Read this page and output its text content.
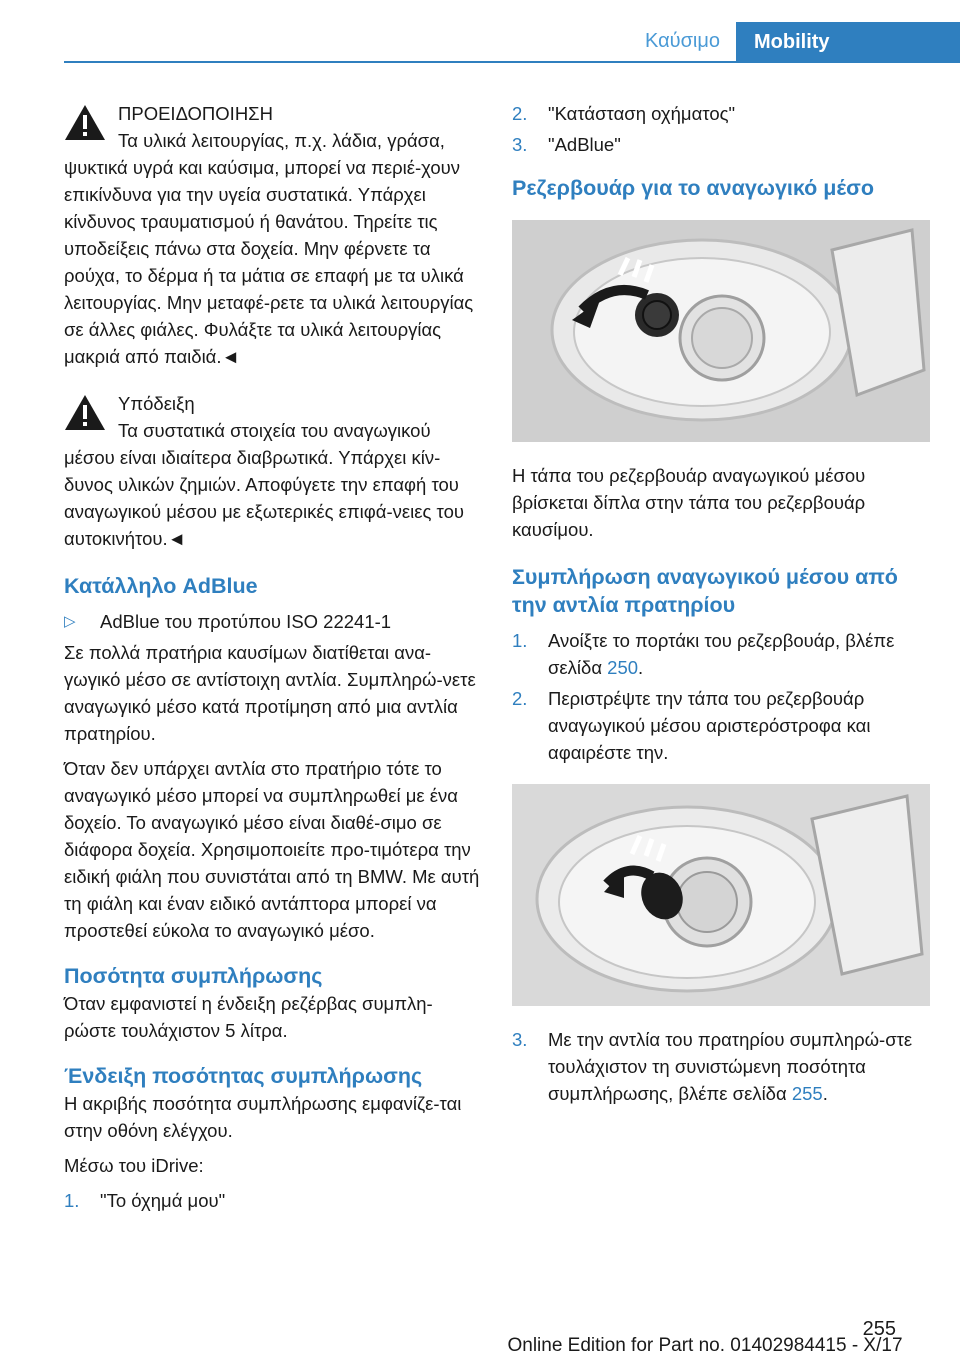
Καύσιμο	Mobility
ΠΡΟΕΙΔΟΠΟΙΗΣΗ
Τα υλικά λειτουργίας, π.χ. λάδια, γράσα,
ψυκτικά υγρά και καύσιμα, μπορεί να περιέ-χουν επικίνδυνα για την υγεία συστατικά. Υπάρχει κίνδυνος τραυματισμού ή θανάτου. Τηρείτε τις υποδείξεις πάνω στα δοχεία. Μην φέρνετε τα ρούχα, το δέρμα ή τα μάτια σε επαφή με τα υλικά λειτουργίας. Μην μεταφέ-ρετε τα υλικά λειτουργίας σε άλλες φιάλες. Φυλάξτε τα υλικά λειτουργίας μακριά από παιδιά.◄
Υπόδειξη
Τα συστατικά στοιχεία του αναγωγικού
μέσου είναι ιδιαίτερα διαβρωτικά. Υπάρχει κίν-δυνος υλικών ζημιών. Αποφύγετε την επαφή του αναγωγικού μέσου με εξωτερικές επιφά-νειες του αυτοκινήτου.◄
Κατάλληλο AdBlue
▷ AdBlue του προτύπου ISO 22241-1
Σε πολλά πρατήρια καυσίμων διατίθεται ανα-γωγικό μέσο σε αντίστοιχη αντλία. Συμπληρώ-νετε αναγωγικό μέσο κατά προτίμηση από μια αντλία πρατηρίου.
Όταν δεν υπάρχει αντλία στο πρατήριο τότε το αναγωγικό μέσο μπορεί να συμπληρωθεί με ένα δοχείο. Το αναγωγικό μέσο είναι διαθέ-σιμο σε διάφορα δοχεία. Χρησιμοποιείτε προ-τιμότερα την ειδική φιάλη που συνιστάται από τη BMW. Με αυτή τη φιάλη και έναν ειδικό αντάπτορα μπορεί να προστεθεί εύκολα το αναγωγικό μέσο.
Ποσότητα συμπλήρωσης
Όταν εμφανιστεί η ένδειξη ρεζέρβας συμπλη-ρώστε τουλάχιστον 5 λίτρα.
Ένδειξη ποσότητας συμπλήρωσης
Η ακριβής ποσότητα συμπλήρωσης εμφανίζε-ται στην οθόνη ελέγχου.
Μέσω του iDrive:
1. "Το όχημά μου"
2. "Κατάσταση οχήματος"
3. "AdBlue"
Ρεζερβουάρ για το αναγωγικό μέσο
Η τάπα του ρεζερβουάρ αναγωγικού μέσου βρίσκεται δίπλα στην τάπα του ρεζερβουάρ καυσίμου.
Συμπλήρωση αναγωγικού μέσου από την αντλία πρατηρίου
1. Ανοίξτε το πορτάκι του ρεζερβουάρ, βλέπε σελίδα 250.
2. Περιστρέψτε την τάπα του ρεζερβουάρ αναγωγικού μέσου αριστερόστροφα και αφαιρέστε την.
3. Με την αντλία του πρατηρίου συμπληρώ-στε τουλάχιστον τη συνιστώμενη ποσότητα συμπλήρωσης, βλέπε σελίδα 255.
255
Online Edition for Part no. 01402984415 - X/17
